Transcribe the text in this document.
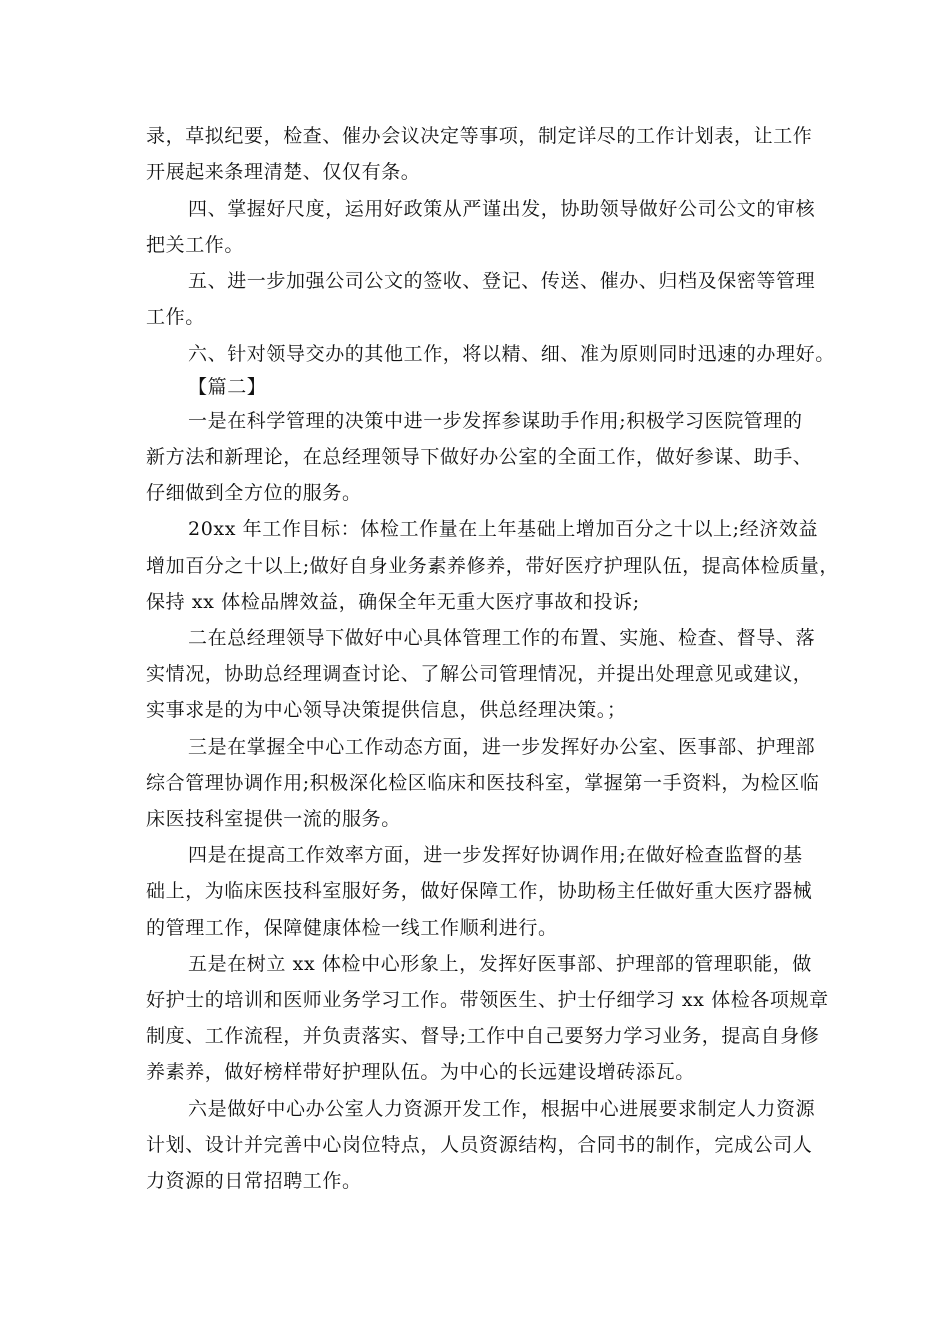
录，草拟纪要，检查、催办会议决定等事项，制定详尽的工作计划表，让工作
开展起来条理清楚、仅仅有条。
四、掌握好尺度，运用好政策从严谨出发，协助领导做好公司公文的审核
把关工作。
五、进一步加强公司公文的签收、登记、传送、催办、归档及保密等管理
工作。
六、针对领导交办的其他工作，将以精、细、准为原则同时迅速的办理好。
【篇二】
一是在科学管理的决策中进一步发挥参谋助手作用;积极学习医院管理的
新方法和新理论，在总经理领导下做好办公室的全面工作，做好参谋、助手、
仔细做到全方位的服务。
20xx 年工作目标：体检工作量在上年基础上增加百分之十以上;经济效益
增加百分之十以上;做好自身业务素养修养，带好医疗护理队伍，提高体检质量，
保持 xx 体检品牌效益，确保全年无重大医疗事故和投诉;
二在总经理领导下做好中心具体管理工作的布置、实施、检查、督导、落
实情况，协助总经理调查讨论、了解公司管理情况，并提出处理意见或建议，
实事求是的为中心领导决策提供信息，供总经理决策。；
三是在掌握全中心工作动态方面，进一步发挥好办公室、医事部、护理部
综合管理协调作用;积极深化检区临床和医技科室，掌握第一手资料，为检区临
床医技科室提供一流的服务。
四是在提高工作效率方面，进一步发挥好协调作用;在做好检查监督的基
础上，为临床医技科室服好务，做好保障工作，协助杨主任做好重大医疗器械
的管理工作，保障健康体检一线工作顺利进行。
五是在树立 xx 体检中心形象上，发挥好医事部、护理部的管理职能，做
好护士的培训和医师业务学习工作。带领医生、护士仔细学习 xx 体检各项规章
制度、工作流程，并负责落实、督导;工作中自己要努力学习业务，提高自身修
养素养，做好榜样带好护理队伍。为中心的长远建设增砖添瓦。
六是做好中心办公室人力资源开发工作，根据中心进展要求制定人力资源
计划、设计并完善中心岗位特点，人员资源结构，合同书的制作，完成公司人
力资源的日常招聘工作。
